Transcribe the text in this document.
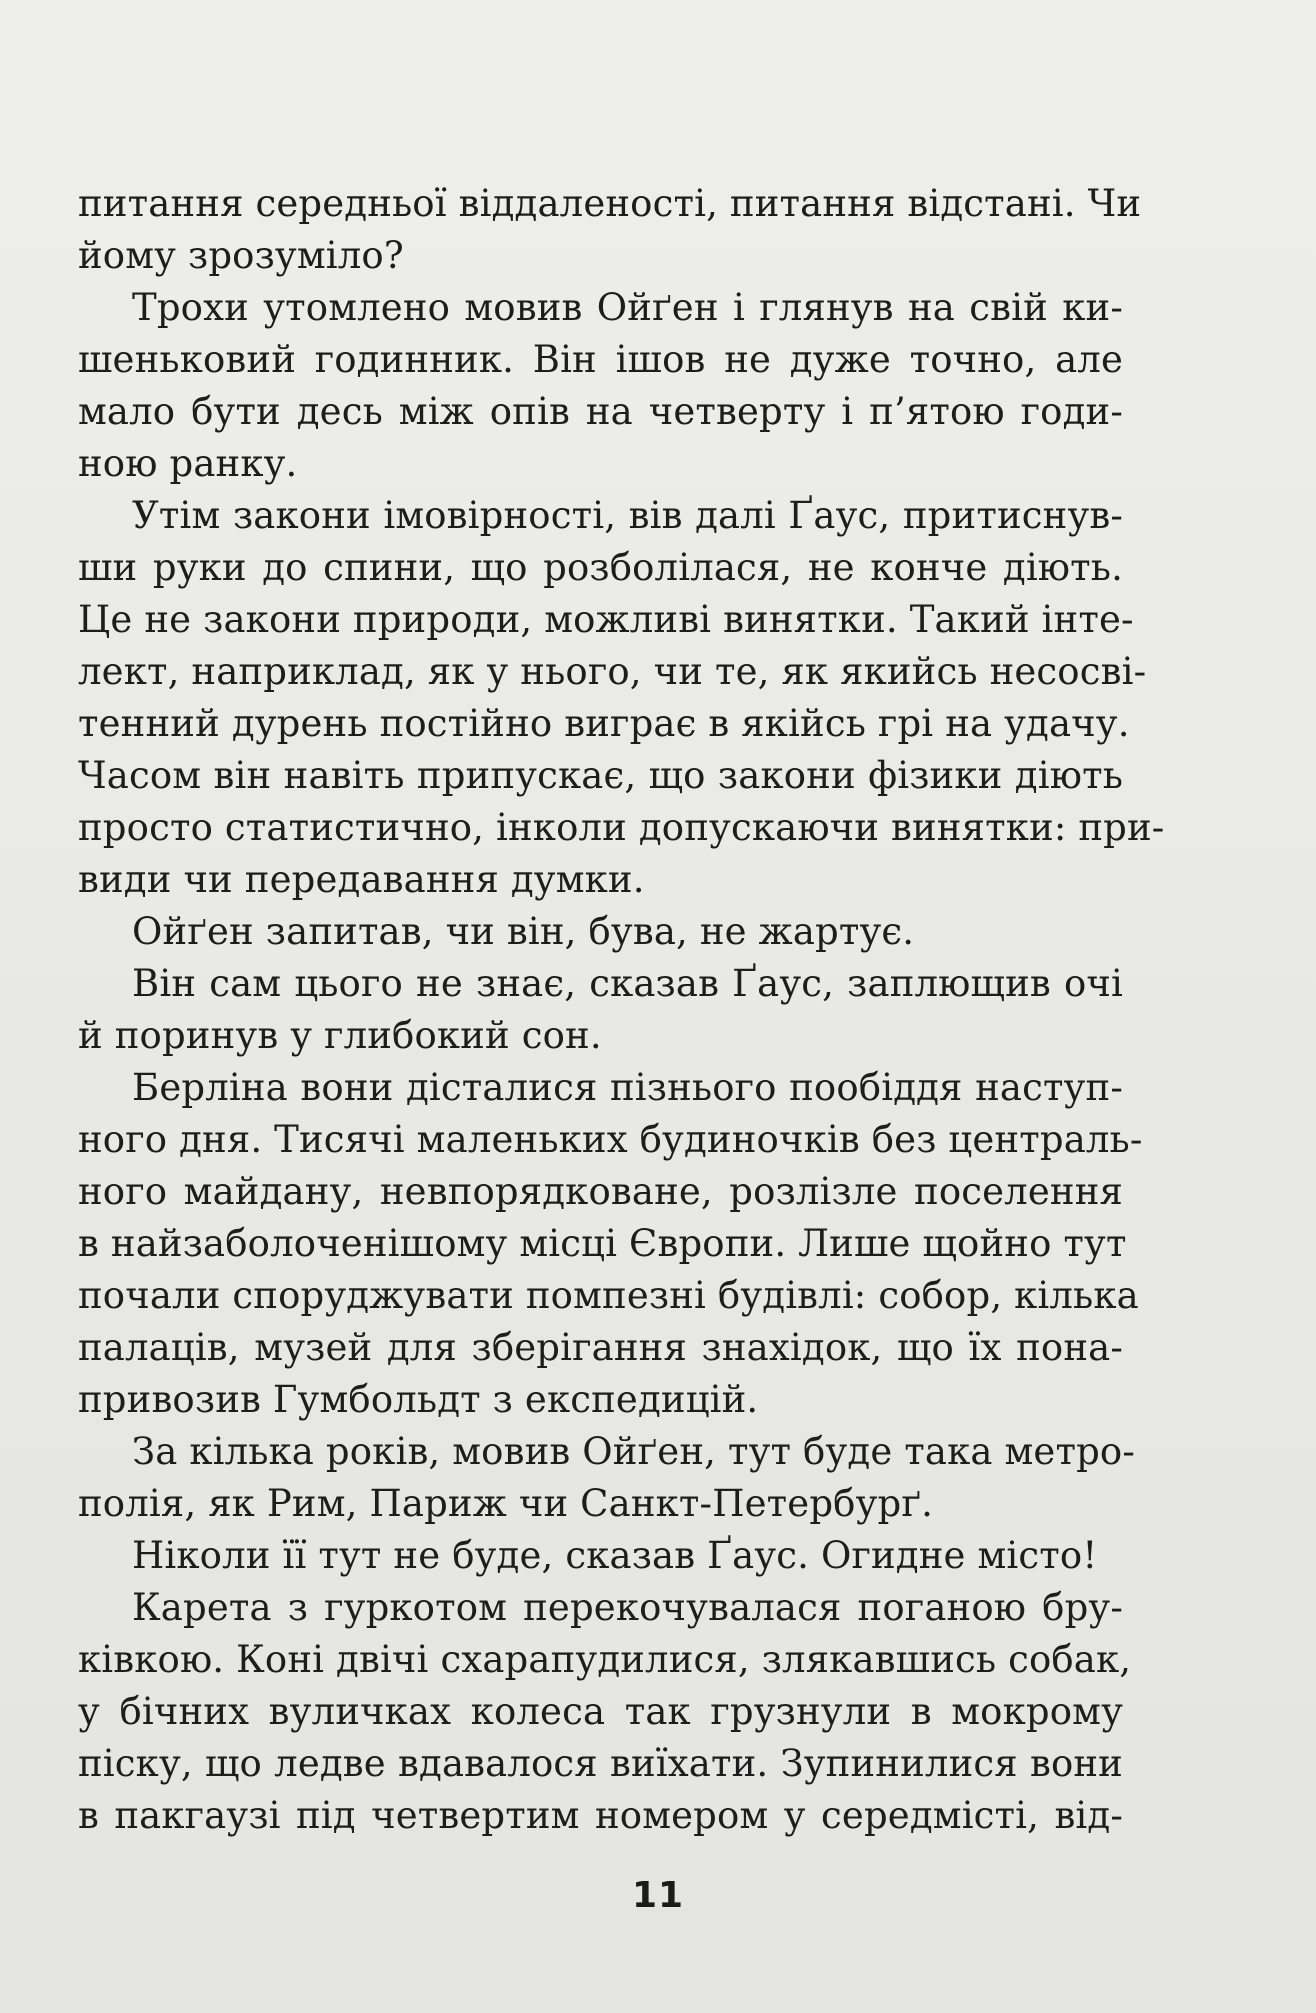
питання середньої віддаленості, питання відстані. Чи
йому зрозуміло?
Трохи утомлено мовив Ойґен і глянув на свій ки-
шеньковий годинник. Він ішов не дуже точно, але
мало бути десь між опів на четверту і п’ятою годи-
ною ранку.
Утім закони імовірності, вів далі Ґаус, притиснув-
ши руки до спини, що розболілася, не конче діють.
Це не закони природи, можливі винятки. Такий інте-
лект, наприклад, як у нього, чи те, як якийсь несосві-
тенний дурень постійно виграє в якійсь грі на удачу.
Часом він навіть припускає, що закони фізики діють
просто статистично, інколи допускаючи винятки: при-
види чи передавання думки.
Ойґен запитав, чи він, бува, не жартує.
Він сам цього не знає, сказав Ґаус, заплющив очі
й поринув у глибокий сон.
Берліна вони дісталися пізнього пообіддя наступ-
ного дня. Тисячі маленьких будиночків без централь-
ного майдану, невпорядковане, розлізле поселення
в найзаболоченішому місці Європи. Лише щойно тут
почали споруджувати помпезні будівлі: собор, кілька
палаців, музей для зберігання знахідок, що їх пона-
привозив Гумбольдт з експедицій.
За кілька років, мовив Ойґен, тут буде така метро-
полія, як Рим, Париж чи Санкт-Петербурґ.
Ніколи її тут не буде, сказав Ґаус. Огидне місто!
Карета з гуркотом перекочувалася поганою бру-
ківкою. Коні двічі схарапудилися, злякавшись собак,
у бічних вуличках колеса так грузнули в мокрому
піску, що ледве вдавалося виїхати. Зупинилися вони
в пакгаузі під четвертим номером у середмісті, від-
11
